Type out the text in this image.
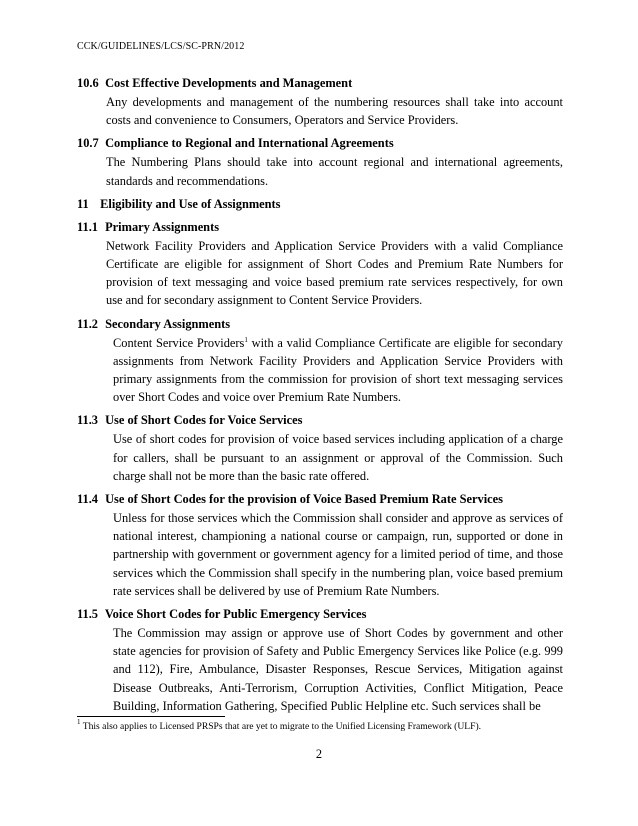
CCK/GUIDELINES/LCS/SC-PRN/2012

10.6 Cost Effective Developments and Management

Any developments and management of the numbering resources shall take into account costs and convenience to Consumers, Operators and Service Providers.

10.7 Compliance to Regional and International Agreements

The Numbering Plans should take into account regional and international agreements, standards and recommendations.

11 Eligibility and Use of Assignments

11.1 Primary Assignments

Network Facility Providers and Application Service Providers with a valid Compliance Certificate are eligible for assignment of Short Codes and Premium Rate Numbers for provision of text messaging and voice based premium rate services respectively, for own use and for secondary assignment to Content Service Providers.

11.2 Secondary Assignments

Content Service Providers$^1$ with a valid Compliance Certificate are eligible for secondary assignments from Network Facility Providers and Application Service Providers with primary assignments from the commission for provision of short text messaging services over Short Codes and voice over Premium Rate Numbers.

11.3 Use of Short Codes for Voice Services

Use of short codes for provision of voice based services including application of a charge for callers, shall be pursuant to an assignment or approval of the Commission. Such charge shall not be more than the basic rate offered.

11.4 Use of Short Codes for the provision of Voice Based Premium Rate Services

Unless for those services which the Commission shall consider and approve as services of national interest, championing a national course or campaign, run, supported or done in partnership with government or government agency for a limited period of time, and those services which the Commission shall specify in the numbering plan, voice based premium rate services shall be delivered by use of Premium Rate Numbers.

11.5 Voice Short Codes for Public Emergency Services

The Commission may assign or approve use of Short Codes by government and other state agencies for provision of Safety and Public Emergency Services like Police (e.g. 999 and 112), Fire, Ambulance, Disaster Responses, Rescue Services, Mitigation against Disease Outbreaks, Anti-Terrorism, Corruption Activities, Conflict Mitigation, Peace Building, Information Gathering, Specified Public Helpline etc. Such services shall be

$^1$ This also applies to Licensed PRSPs that are yet to migrate to the Unified Licensing Framework (ULF).
2
